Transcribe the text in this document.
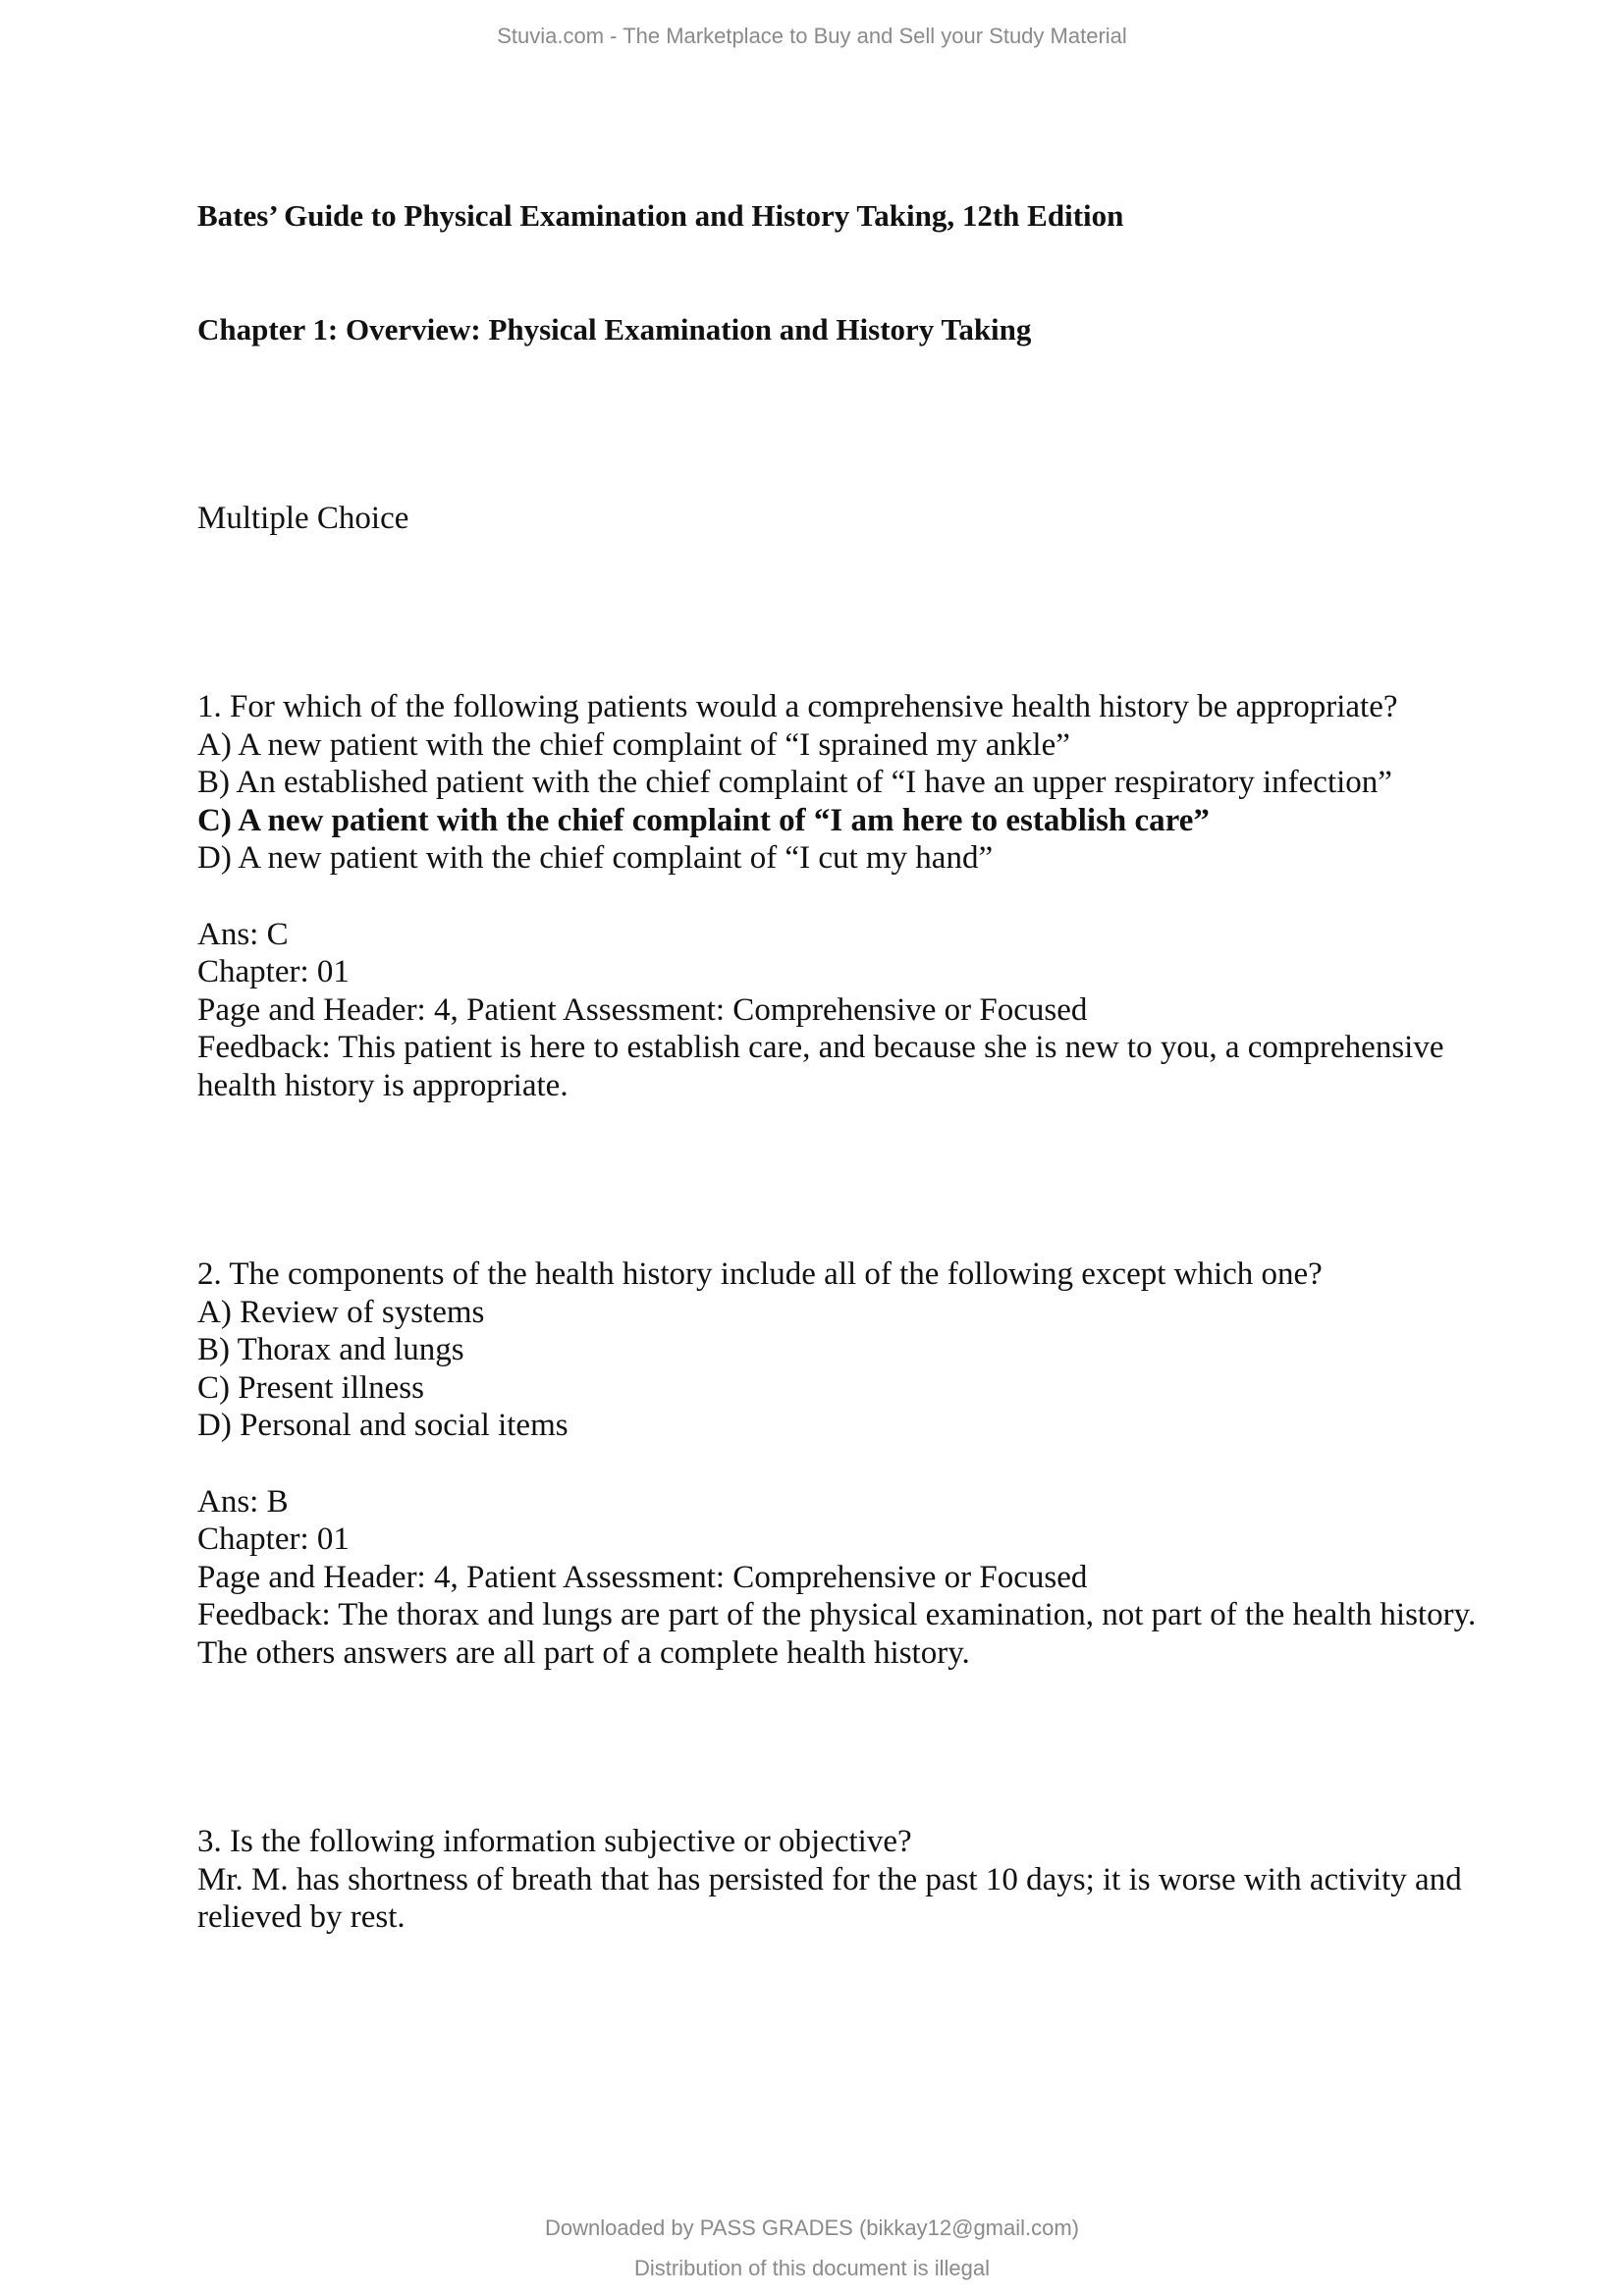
Stuvia.com - The Marketplace to Buy and Sell your Study Material
Bates’ Guide to Physical Examination and History Taking, 12th Edition
Chapter 1: Overview: Physical Examination and History Taking
Multiple Choice
1. For which of the following patients would a comprehensive health history be appropriate?
A) A new patient with the chief complaint of “I sprained my ankle”
B) An established patient with the chief complaint of “I have an upper respiratory infection”
C) A new patient with the chief complaint of “I am here to establish care”
D) A new patient with the chief complaint of “I cut my hand”
Ans: C
Chapter: 01
Page and Header: 4, Patient Assessment: Comprehensive or Focused
Feedback: This patient is here to establish care, and because she is new to you, a comprehensive health history is appropriate.
2. The components of the health history include all of the following except which one?
A) Review of systems
B) Thorax and lungs
C) Present illness
D) Personal and social items
Ans: B
Chapter: 01
Page and Header: 4, Patient Assessment: Comprehensive or Focused
Feedback: The thorax and lungs are part of the physical examination, not part of the health history. The others answers are all part of a complete health history.
3. Is the following information subjective or objective?
Mr. M. has shortness of breath that has persisted for the past 10 days; it is worse with activity and relieved by rest.
Downloaded by PASS GRADES (bikkay12@gmail.com)
Distribution of this document is illegal
